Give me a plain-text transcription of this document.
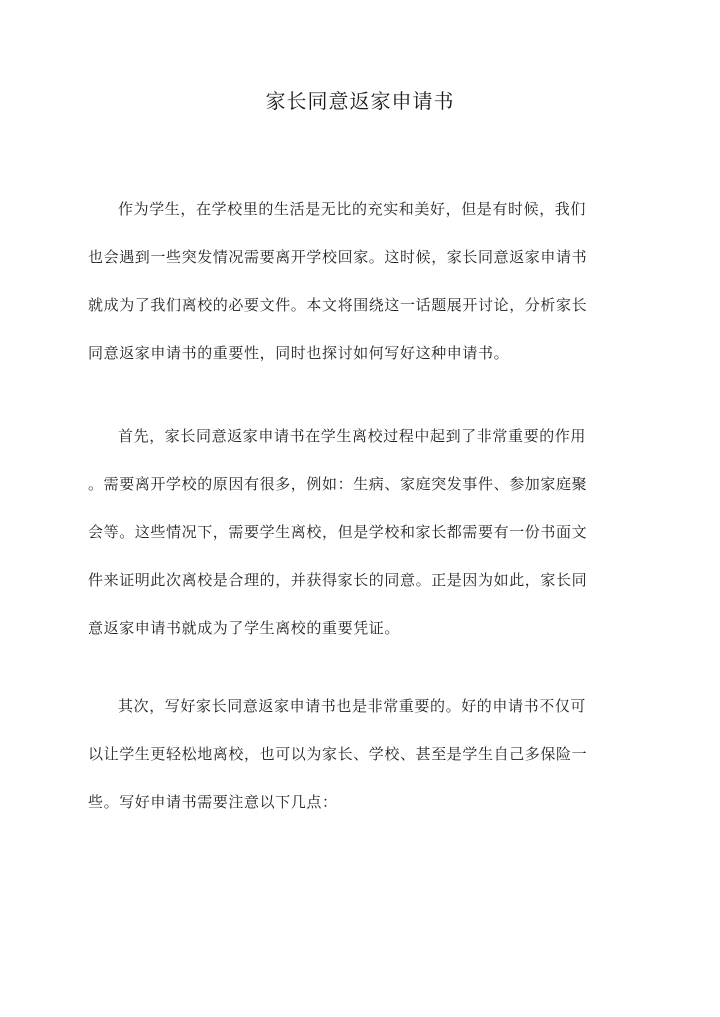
家长同意返家申请书
作为学生，在学校里的生活是无比的充实和美好，但是有时候，我们
也会遇到一些突发情况需要离开学校回家。这时候，家长同意返家申请书
就成为了我们离校的必要文件。本文将围绕这一话题展开讨论，分析家长
同意返家申请书的重要性，同时也探讨如何写好这种申请书。
首先，家长同意返家申请书在学生离校过程中起到了非常重要的作用
。需要离开学校的原因有很多，例如：生病、家庭突发事件、参加家庭聚
会等。这些情况下，需要学生离校，但是学校和家长都需要有一份书面文
件来证明此次离校是合理的，并获得家长的同意。正是因为如此，家长同
意返家申请书就成为了学生离校的重要凭证。
其次，写好家长同意返家申请书也是非常重要的。好的申请书不仅可
以让学生更轻松地离校，也可以为家长、学校、甚至是学生自己多保险一
些。写好申请书需要注意以下几点：
